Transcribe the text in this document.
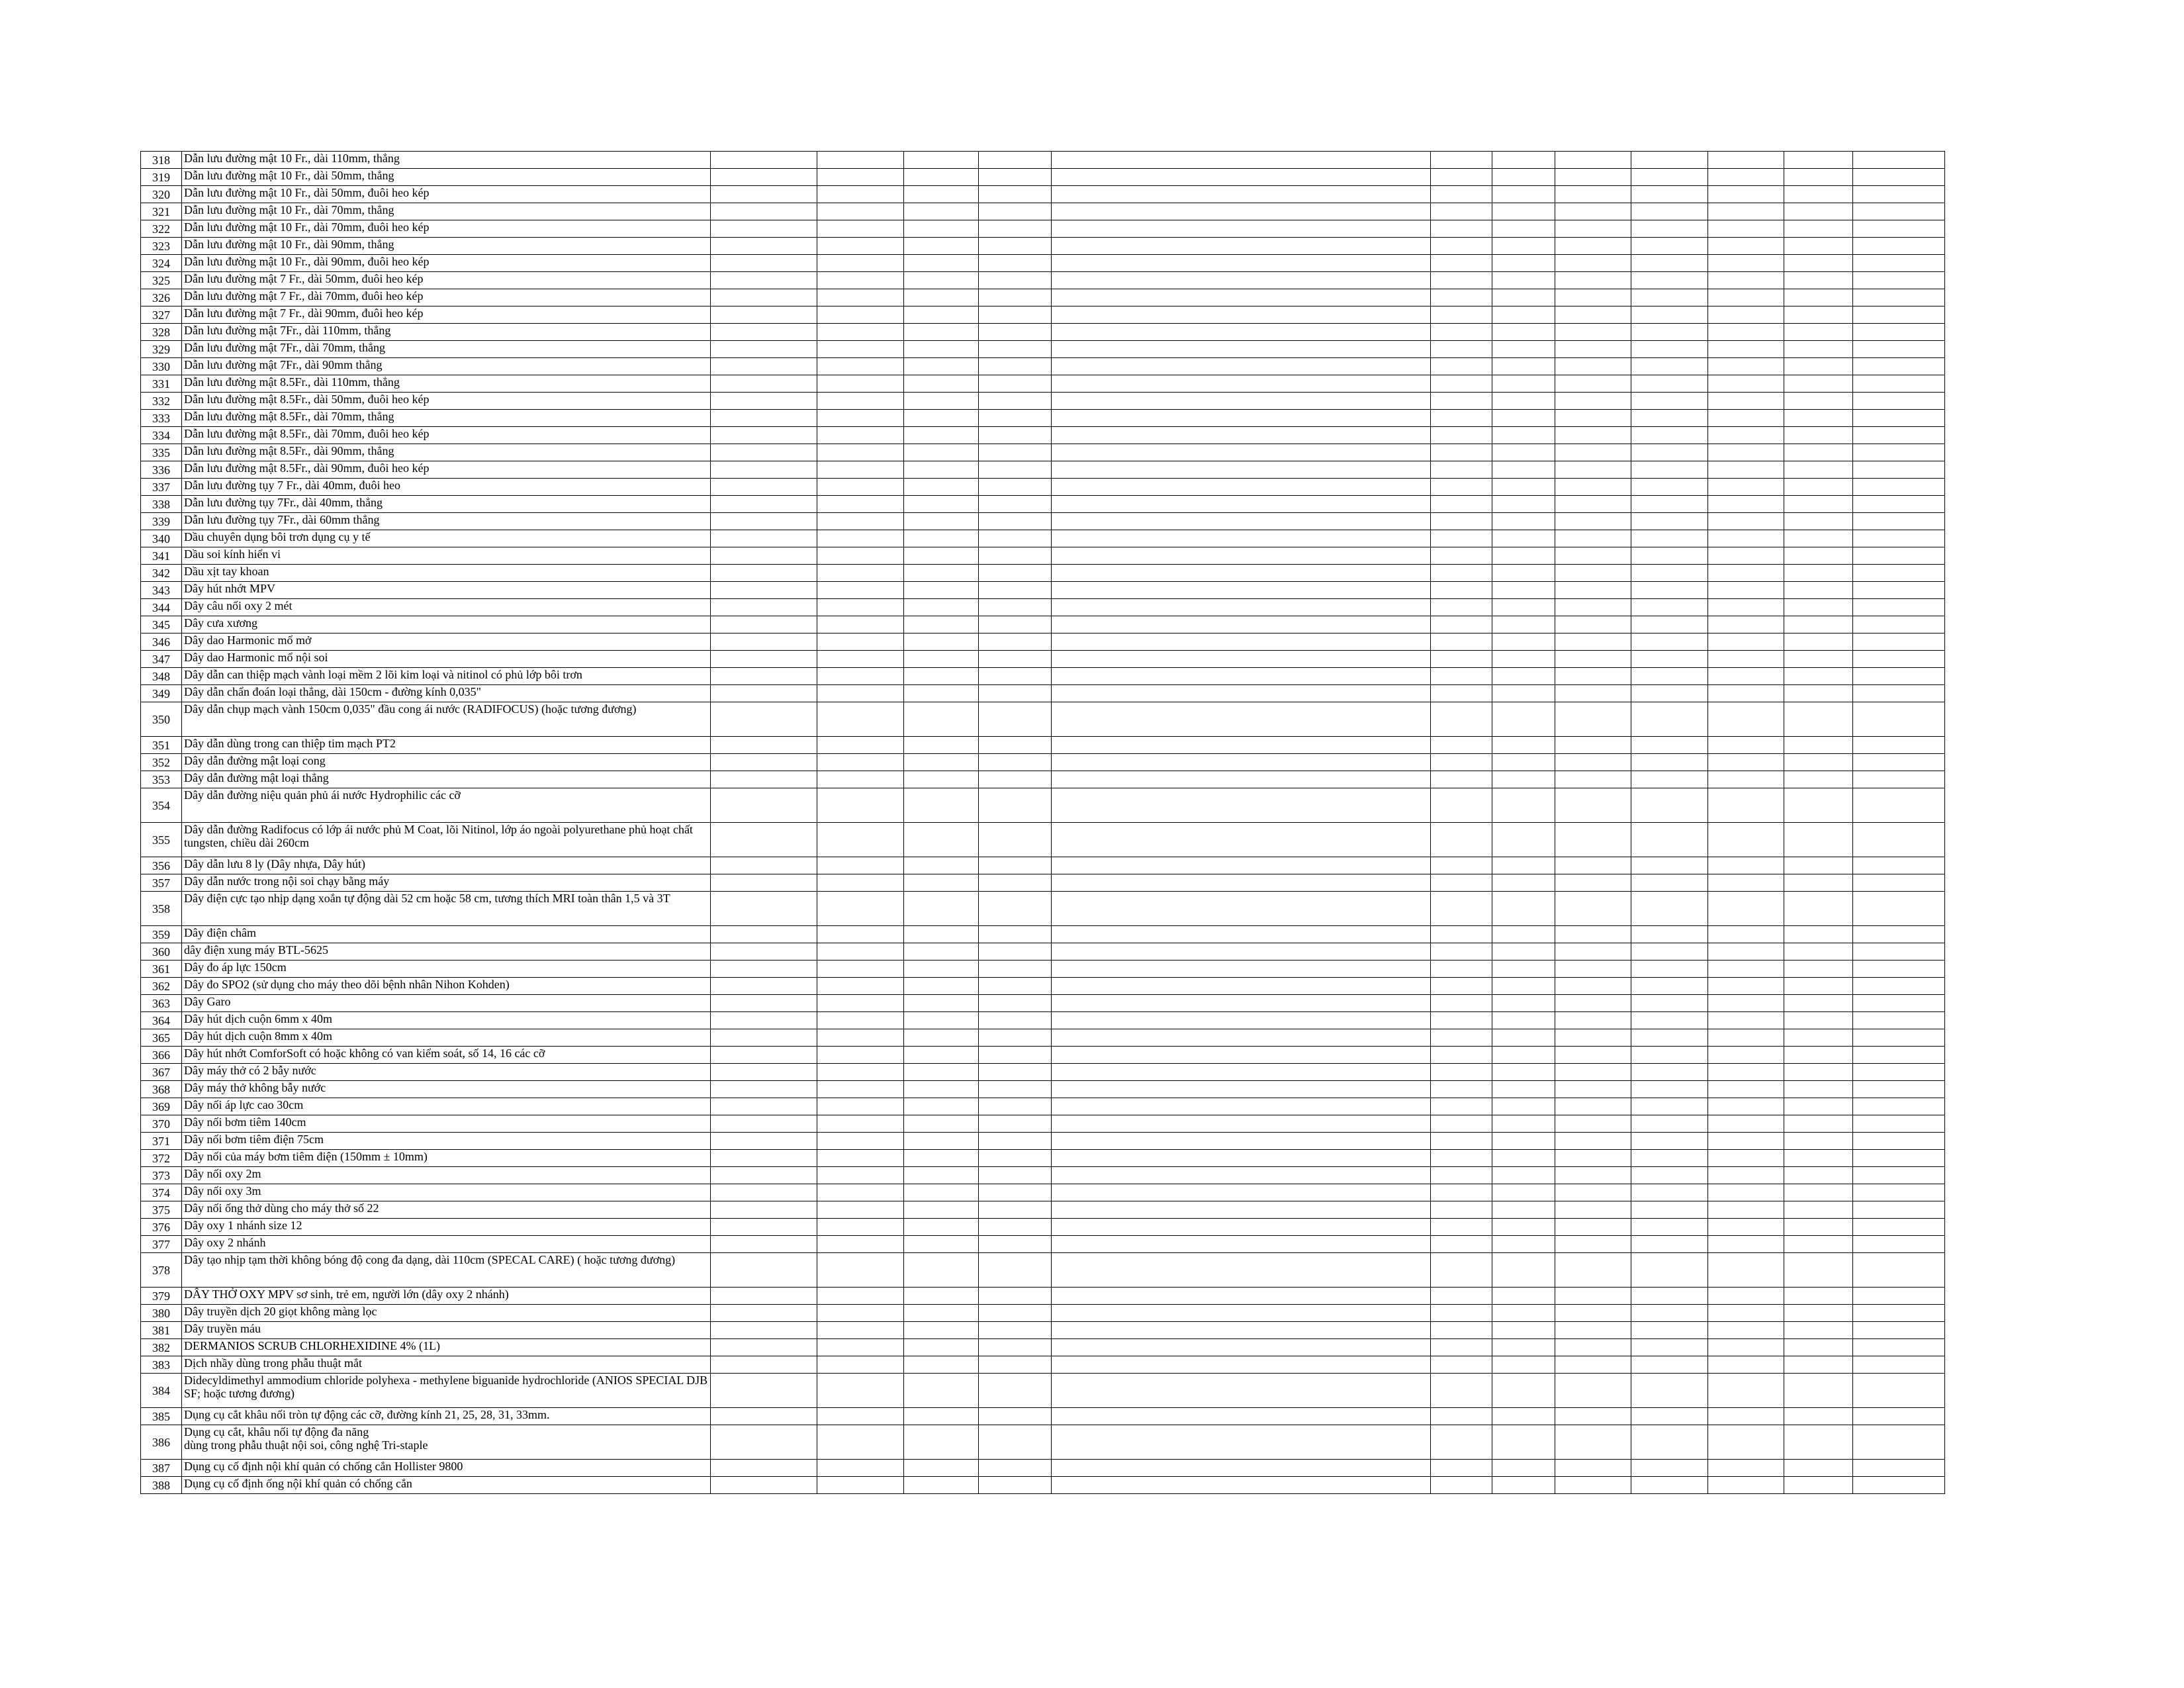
318	Dẫn lưu đường mật 10 Fr., dài 110mm, thẳng												
319	Dẫn lưu đường mật 10 Fr., dài 50mm, thẳng												
320	Dẫn lưu đường mật 10 Fr., dài 50mm, đuôi heo kép												
321	Dẫn lưu đường mật 10 Fr., dài 70mm, thẳng												
322	Dẫn lưu đường mật 10 Fr., dài 70mm, đuôi heo kép												
323	Dẫn lưu đường mật 10 Fr., dài 90mm, thẳng												
324	Dẫn lưu đường mật 10 Fr., dài 90mm, đuôi heo kép												
325	Dẫn lưu đường mật 7 Fr., dài 50mm, đuôi heo kép												
326	Dẫn lưu đường mật 7 Fr., dài 70mm, đuôi heo kép												
327	Dẫn lưu đường mật 7 Fr., dài 90mm, đuôi heo kép												
328	Dẫn lưu đường mật 7Fr., dài 110mm, thẳng												
329	Dẫn lưu đường mật 7Fr., dài 70mm, thẳng												
330	Dẫn lưu đường mật 7Fr., dài 90mm thẳng												
331	Dẫn lưu đường mật 8.5Fr., dài 110mm, thẳng												
332	Dẫn lưu đường mật 8.5Fr., dài 50mm, đuôi heo kép												
333	Dẫn lưu đường mật 8.5Fr., dài 70mm, thẳng												
334	Dẫn lưu đường mật 8.5Fr., dài 70mm, đuôi heo kép												
335	Dẫn lưu đường mật 8.5Fr., dài 90mm, thẳng												
336	Dẫn lưu đường mật 8.5Fr., dài 90mm, đuôi heo kép												
337	Dẫn lưu đường tụy 7 Fr., dài 40mm, đuôi heo												
338	Dẫn lưu đường tụy 7Fr., dài 40mm, thẳng												
339	Dẫn lưu đường tụy 7Fr., dài 60mm thẳng												
340	Dầu chuyên dụng bôi trơn dụng cụ y tế												
341	Dầu soi kính hiển vi												
342	Dầu xịt tay khoan												
343	Dây hút nhớt MPV												
344	Dây câu nối oxy 2 mét												
345	Dây cưa xương												
346	Dây dao Harmonic mổ mở												
347	Dây dao Harmonic mổ nội soi												
348	Dây dẫn can thiệp mạch vành loại mềm 2 lõi kim loại và nitinol có phủ lớp bôi trơn												
349	Dây dẫn chẩn đoán loại thẳng, dài 150cm - đường kính 0,035"												
350	Dây dẫn chụp mạch vành 150cm 0,035" đầu cong ái nước (RADIFOCUS) (hoặc tương đương)												
351	Dây dẫn dùng trong can thiệp tim mạch PT2												
352	Dây dẫn đường mật loại cong												
353	Dây dẫn đường mật loại thẳng												
354	Dây dẫn đường niệu quản phủ ái nước Hydrophilic các cỡ												
355	Dây dẫn đường Radifocus có lớp ái nước phủ M Coat, lõi Nitinol, lớp áo ngoài polyurethane phủ hoạt chất tungsten, chiều dài 260cm												
356	Dây dẫn lưu 8 ly (Dây nhựa, Dây hút)												
357	Dây dẫn nước trong nội soi chạy bằng máy												
358	Dây điện cực tạo nhịp dạng xoắn tự động dài 52 cm hoặc 58 cm, tương thích MRI toàn thân 1,5 và 3T												
359	Dây điện châm												
360	dây điện xung máy BTL-5625												
361	Dây đo áp lực 150cm												
362	Dây đo SPO2 (sử dụng cho máy theo dõi bệnh nhân Nihon Kohden)												
363	Dây Garo												
364	Dây hút dịch cuộn 6mm x 40m												
365	Dây hút dịch cuộn 8mm x 40m												
366	Dây hút nhớt ComforSoft có hoặc không có van kiểm soát, số 14, 16 các cỡ												
367	Dây máy thở có 2 bẫy nước												
368	Dây máy thở không bẫy nước												
369	Dây nối áp lực cao 30cm												
370	Dây nối bơm tiêm 140cm												
371	Dây nối bơm tiêm điện 75cm												
372	Dây nối của máy bơm tiêm điện (150mm ± 10mm)												
373	Dây nối oxy 2m												
374	Dây nối oxy 3m												
375	Dây nối ống thở dùng cho máy thở số 22												
376	Dây oxy 1 nhánh size 12												
377	Dây oxy 2 nhánh												
378	Dây tạo nhịp tạm thời không bóng độ cong đa dạng, dài 110cm (SPECAL CARE) ( hoặc tương đương)												
379	DÂY THỞ OXY MPV sơ sinh, trẻ em, người lớn (dây oxy 2 nhánh)												
380	Dây truyền dịch 20 giọt không màng lọc												
381	Dây truyền máu												
382	DERMANIOS SCRUB CHLORHEXIDINE 4% (1L)												
383	Dịch nhầy dùng trong phẫu thuật mắt												
384	Didecyldimethyl ammodium chloride polyhexa - methylene biguanide hydrochloride (ANIOS SPECIAL DJB SF; hoặc tương đương)												
385	Dụng cụ cắt khâu nối tròn tự động các cỡ, đường kính 21, 25, 28, 31, 33mm.												
386	Dụng cụ cắt, khâu nối tự động đa năng
dùng trong phẫu thuật nội soi, công nghệ Tri-staple												
387	Dụng cụ cố định nội khí quản có chống cắn Hollister 9800												
388	Dụng cụ cố định ống nội khí quản có chống cắn												
